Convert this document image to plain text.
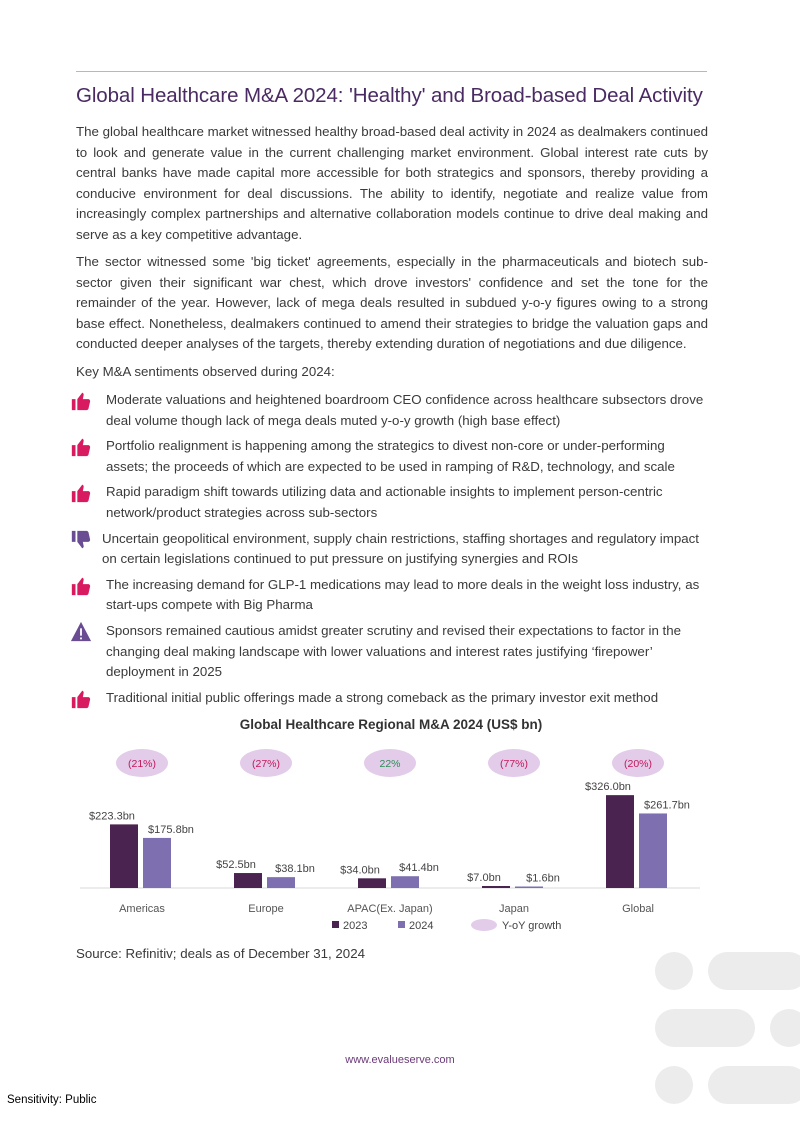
Global Healthcare M&A 2024: 'Healthy' and Broad-based Deal Activity

The global healthcare market witnessed healthy broad-based deal activity in 2024 as dealmakers continued to look and generate value in the current challenging market environment. Global interest rate cuts by central banks have made capital more accessible for both strategics and sponsors, thereby providing a conducive environment for deal discussions. The ability to identify, negotiate and realize value from increasingly complex partnerships and alternative collaboration models continue to drive deal making and serve as a key competitive advantage.

The sector witnessed some 'big ticket' agreements, especially in the pharmaceuticals and biotech sub-sector given their significant war chest, which drove investors' confidence and set the tone for the remainder of the year. However, lack of mega deals resulted in subdued y-o-y figures owing to a strong base effect. Nonetheless, dealmakers continued to amend their strategies to bridge the valuation gaps and conducted deeper analyses of the targets, thereby extending duration of negotiations and due diligence.

Key M&A sentiments observed during 2024:

Moderate valuations and heightened boardroom CEO confidence across healthcare subsectors drove deal volume though lack of mega deals muted y-o-y growth (high base effect)
Portfolio realignment is happening among the strategics to divest non-core or under-performing assets; the proceeds of which are expected to be used in ramping of R&D, technology, and scale
Rapid paradigm shift towards utilizing data and actionable insights to implement person-centric network/product strategies across sub-sectors
Uncertain geopolitical environment, supply chain restrictions, staffing shortages and regulatory impact on certain legislations continued to put pressure on justifying synergies and ROIs
The increasing demand for GLP-1 medications may lead to more deals in the weight loss industry, as start-ups compete with Big Pharma
Sponsors remained cautious amidst greater scrutiny and revised their expectations to factor in the changing deal making landscape with lower valuations and interest rates justifying ‘firepower’ deployment in 2025
Traditional initial public offerings made a strong comeback as the primary investor exit method
Global Healthcare Regional M&A 2024 (US$ bn)
$223.3bn
$175.8bn
Americas
(21%)
$52.5bn $38.1bn
Europe
(27%)
$34.0bn $41.4bn
APAC(Ex. Japan)
22%
$7.0bn $1.6bn
Japan
(77%)
$326.0bn
$261.7bn
Global
(20%)
2023	2024	Y-oY growth

Source: Refinitiv; deals as of December 31, 2024

www.evalueserve.com
Sensitivity: Public
